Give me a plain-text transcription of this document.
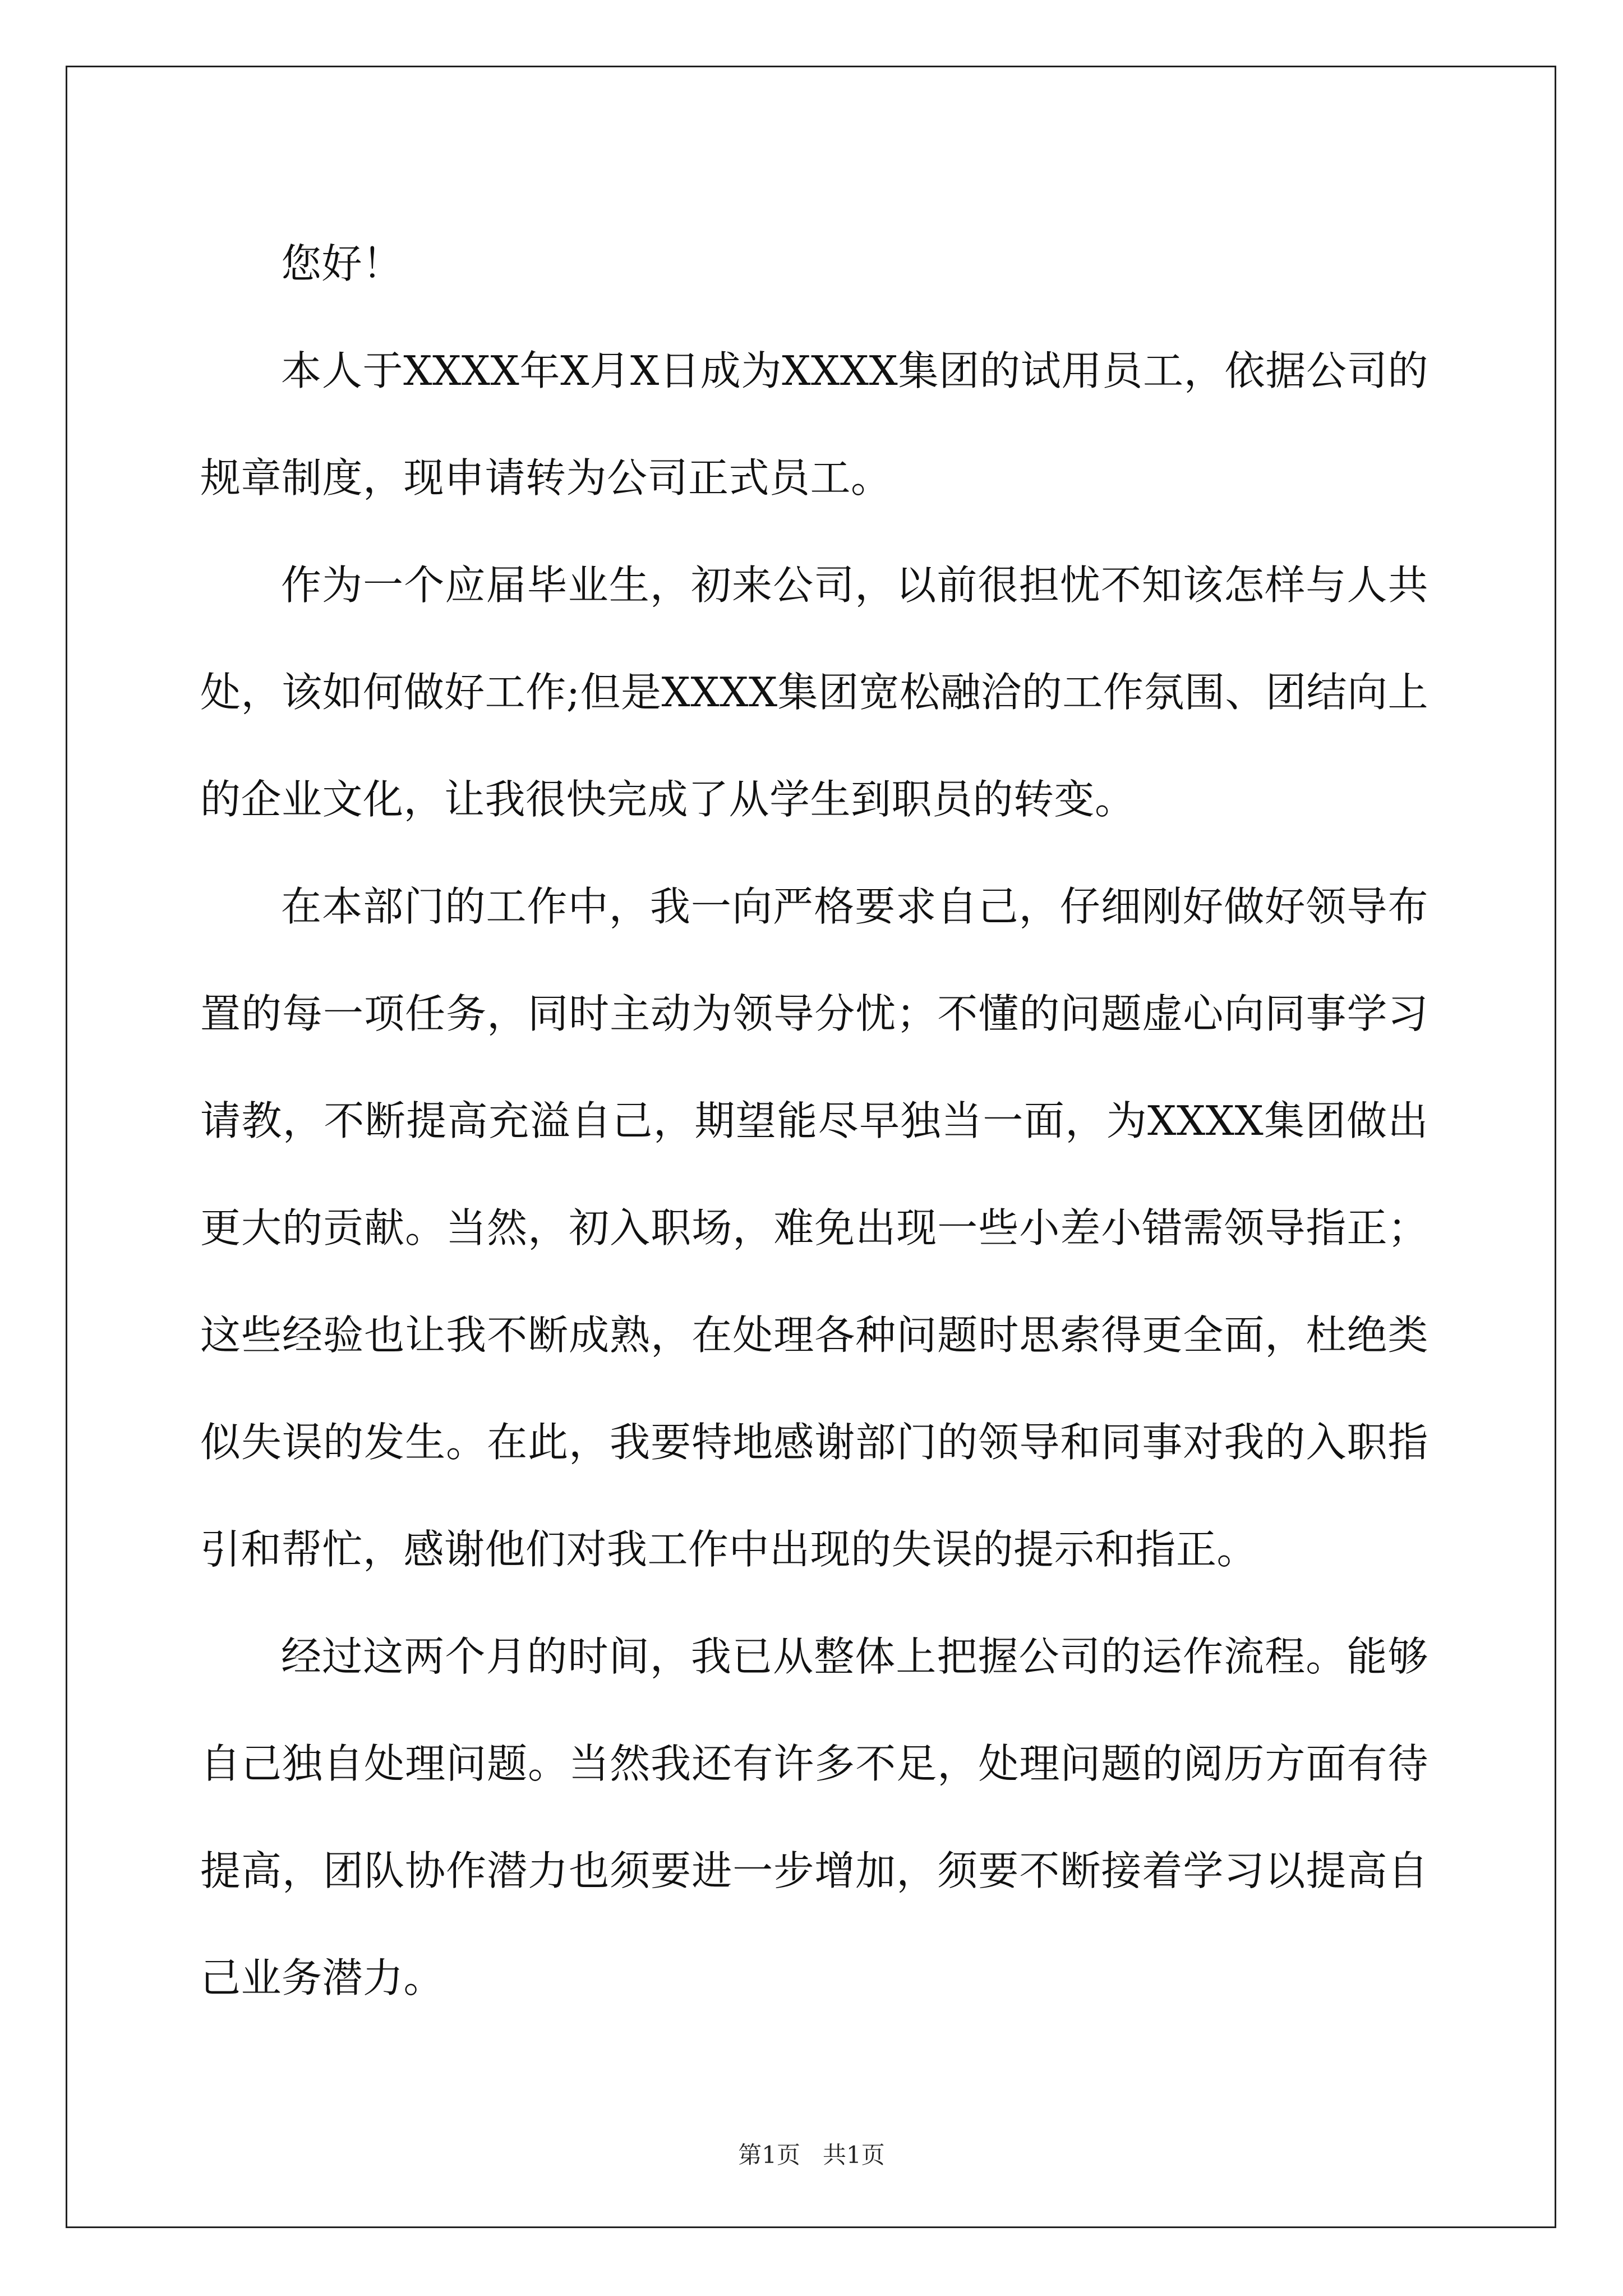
您好！

本人于XXXX年X月X日成为XXXX集团的试用员工，依据公司的规章制度，现申请转为公司正式员工。

作为一个应届毕业生，初来公司，以前很担忧不知该怎样与人共处，该如何做好工作;但是XXXX集团宽松融洽的工作氛围、团结向上的企业文化，让我很快完成了从学生到职员的转变。

在本部门的工作中，我一向严格要求自己，仔细刚好做好领导布置的每一项任务，同时主动为领导分忧；不懂的问题虚心向同事学习请教，不断提高充溢自己，期望能尽早独当一面，为XXXX集团做出更大的贡献。当然，初入职场，难免出现一些小差小错需领导指正；这些经验也让我不断成熟，在处理各种问题时思索得更全面，杜绝类似失误的发生。在此，我要特地感谢部门的领导和同事对我的入职指引和帮忙，感谢他们对我工作中出现的失误的提示和指正。

经过这两个月的时间，我已从整体上把握公司的运作流程。能够自己独自处理问题。当然我还有许多不足，处理问题的阅历方面有待提高，团队协作潜力也须要进一步增加，须要不断接着学习以提高自己业务潜力。

第1页 共1页
